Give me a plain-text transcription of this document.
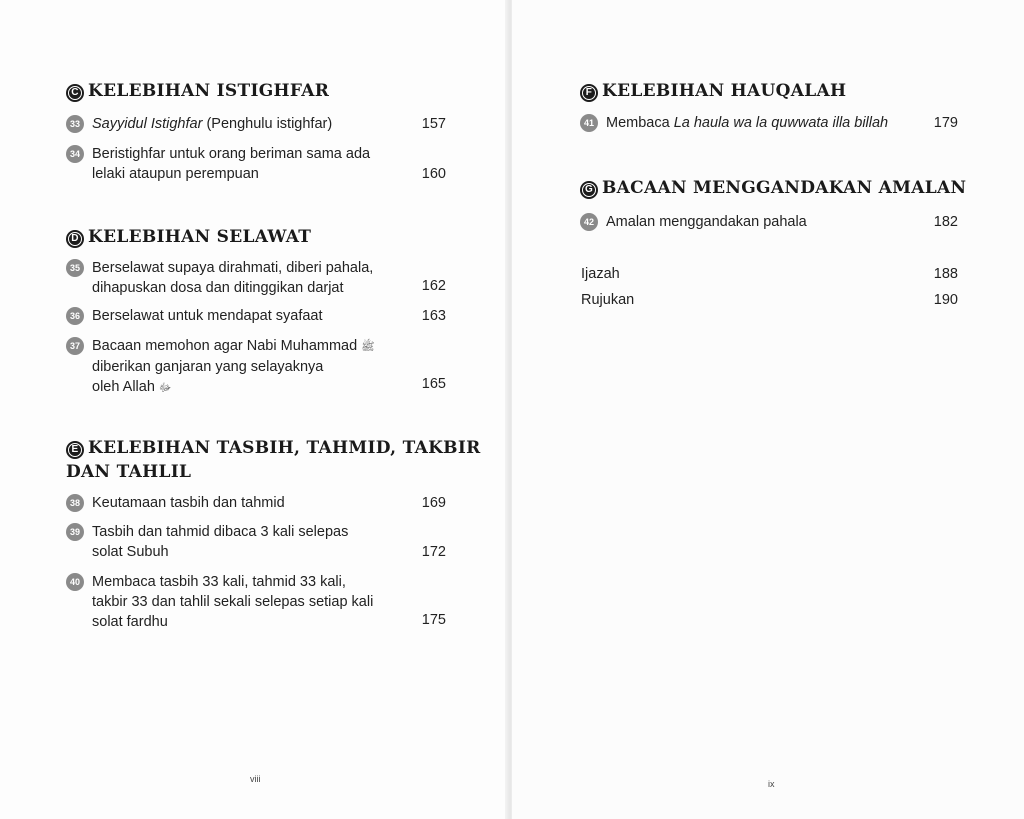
C KELEBIHAN ISTIGHFAR
33 Sayyidul Istighfar (Penghulu istighfar)	157
34 Beristighfar untuk orang beriman sama ada
lelaki ataupun perempuan	160
D KELEBIHAN SELAWAT
35 Berselawat supaya dirahmati, diberi pahala,
dihapuskan dosa dan ditinggikan darjat	162
36 Berselawat untuk mendapat syafaat	163
37 Bacaan memohon agar Nabi Muhammad ﷺ
diberikan ganjaran yang selayaknya
oleh Allah ﷻ	165
E KELEBIHAN TASBIH, TAHMID, TAKBIR
DAN TAHLIL
38 Keutamaan tasbih dan tahmid	169
39 Tasbih dan tahmid dibaca 3 kali selepas
solat Subuh	172
40 Membaca tasbih 33 kali, tahmid 33 kali,
takbir 33 dan tahlil sekali selepas setiap kali
solat fardhu	175
viii
F KELEBIHAN HAUQALAH
41 Membaca La haula wa la quwwata illa billah	179
G BACAAN MENGGANDAKAN AMALAN
42 Amalan menggandakan pahala	182
Ijazah	188
Rujukan	190
ix
